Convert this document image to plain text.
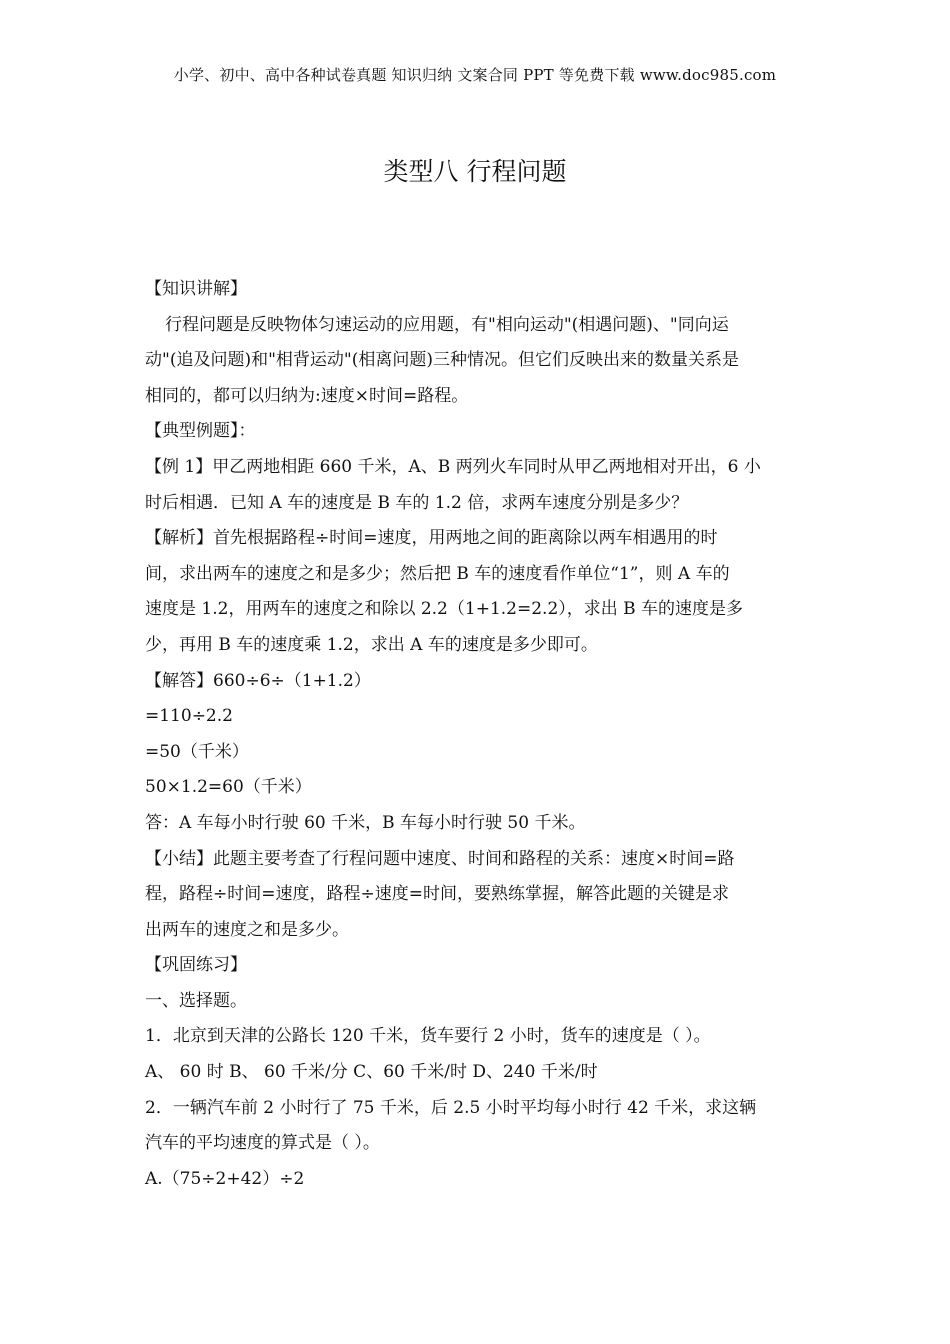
小学、初中、高中各种试卷真题 知识归纳 文案合同 PPT 等免费下载 www.doc985.com
类型八 行程问题
【知识讲解】
行程问题是反映物体匀速运动的应用题，有"相向运动"(相遇问题)、"同向运
动"(追及问题)和"相背运动"(相离问题)三种情况。但它们反映出来的数量关系是
相同的，都可以归纳为:速度×时间=路程。
【典型例题】：
【例 1】甲乙两地相距 660 千米，A、B 两列火车同时从甲乙两地相对开出，6 小
时后相遇．已知 A 车的速度是 B 车的 1.2 倍，求两车速度分别是多少？
【解析】首先根据路程÷时间=速度，用两地之间的距离除以两车相遇用的时
间，求出两车的速度之和是多少；然后把 B 车的速度看作单位“1”，则 A 车的
速度是 1.2，用两车的速度之和除以 2.2（1+1.2=2.2），求出 B 车的速度是多
少，再用 B 车的速度乘 1.2，求出 A 车的速度是多少即可。
【解答】660÷6÷（1+1.2）
=110÷2.2
=50（千米）
50×1.2=60（千米）
答：A 车每小时行驶 60 千米，B 车每小时行驶 50 千米。
【小结】此题主要考查了行程问题中速度、时间和路程的关系：速度×时间=路
程，路程÷时间=速度，路程÷速度=时间，要熟练掌握，解答此题的关键是求
出两车的速度之和是多少。
【巩固练习】
一、选择题。
1．北京到天津的公路长 120 千米，货车要行 2 小时，货车的速度是（ ）。
A、 60 时 B、 60 千米/分 C、60 千米/时 D、240 千米/时
2．一辆汽车前 2 小时行了 75 千米，后 2.5 小时平均每小时行 42 千米，求这辆
汽车的平均速度的算式是（ ）。
A.（75÷2+42）÷2
